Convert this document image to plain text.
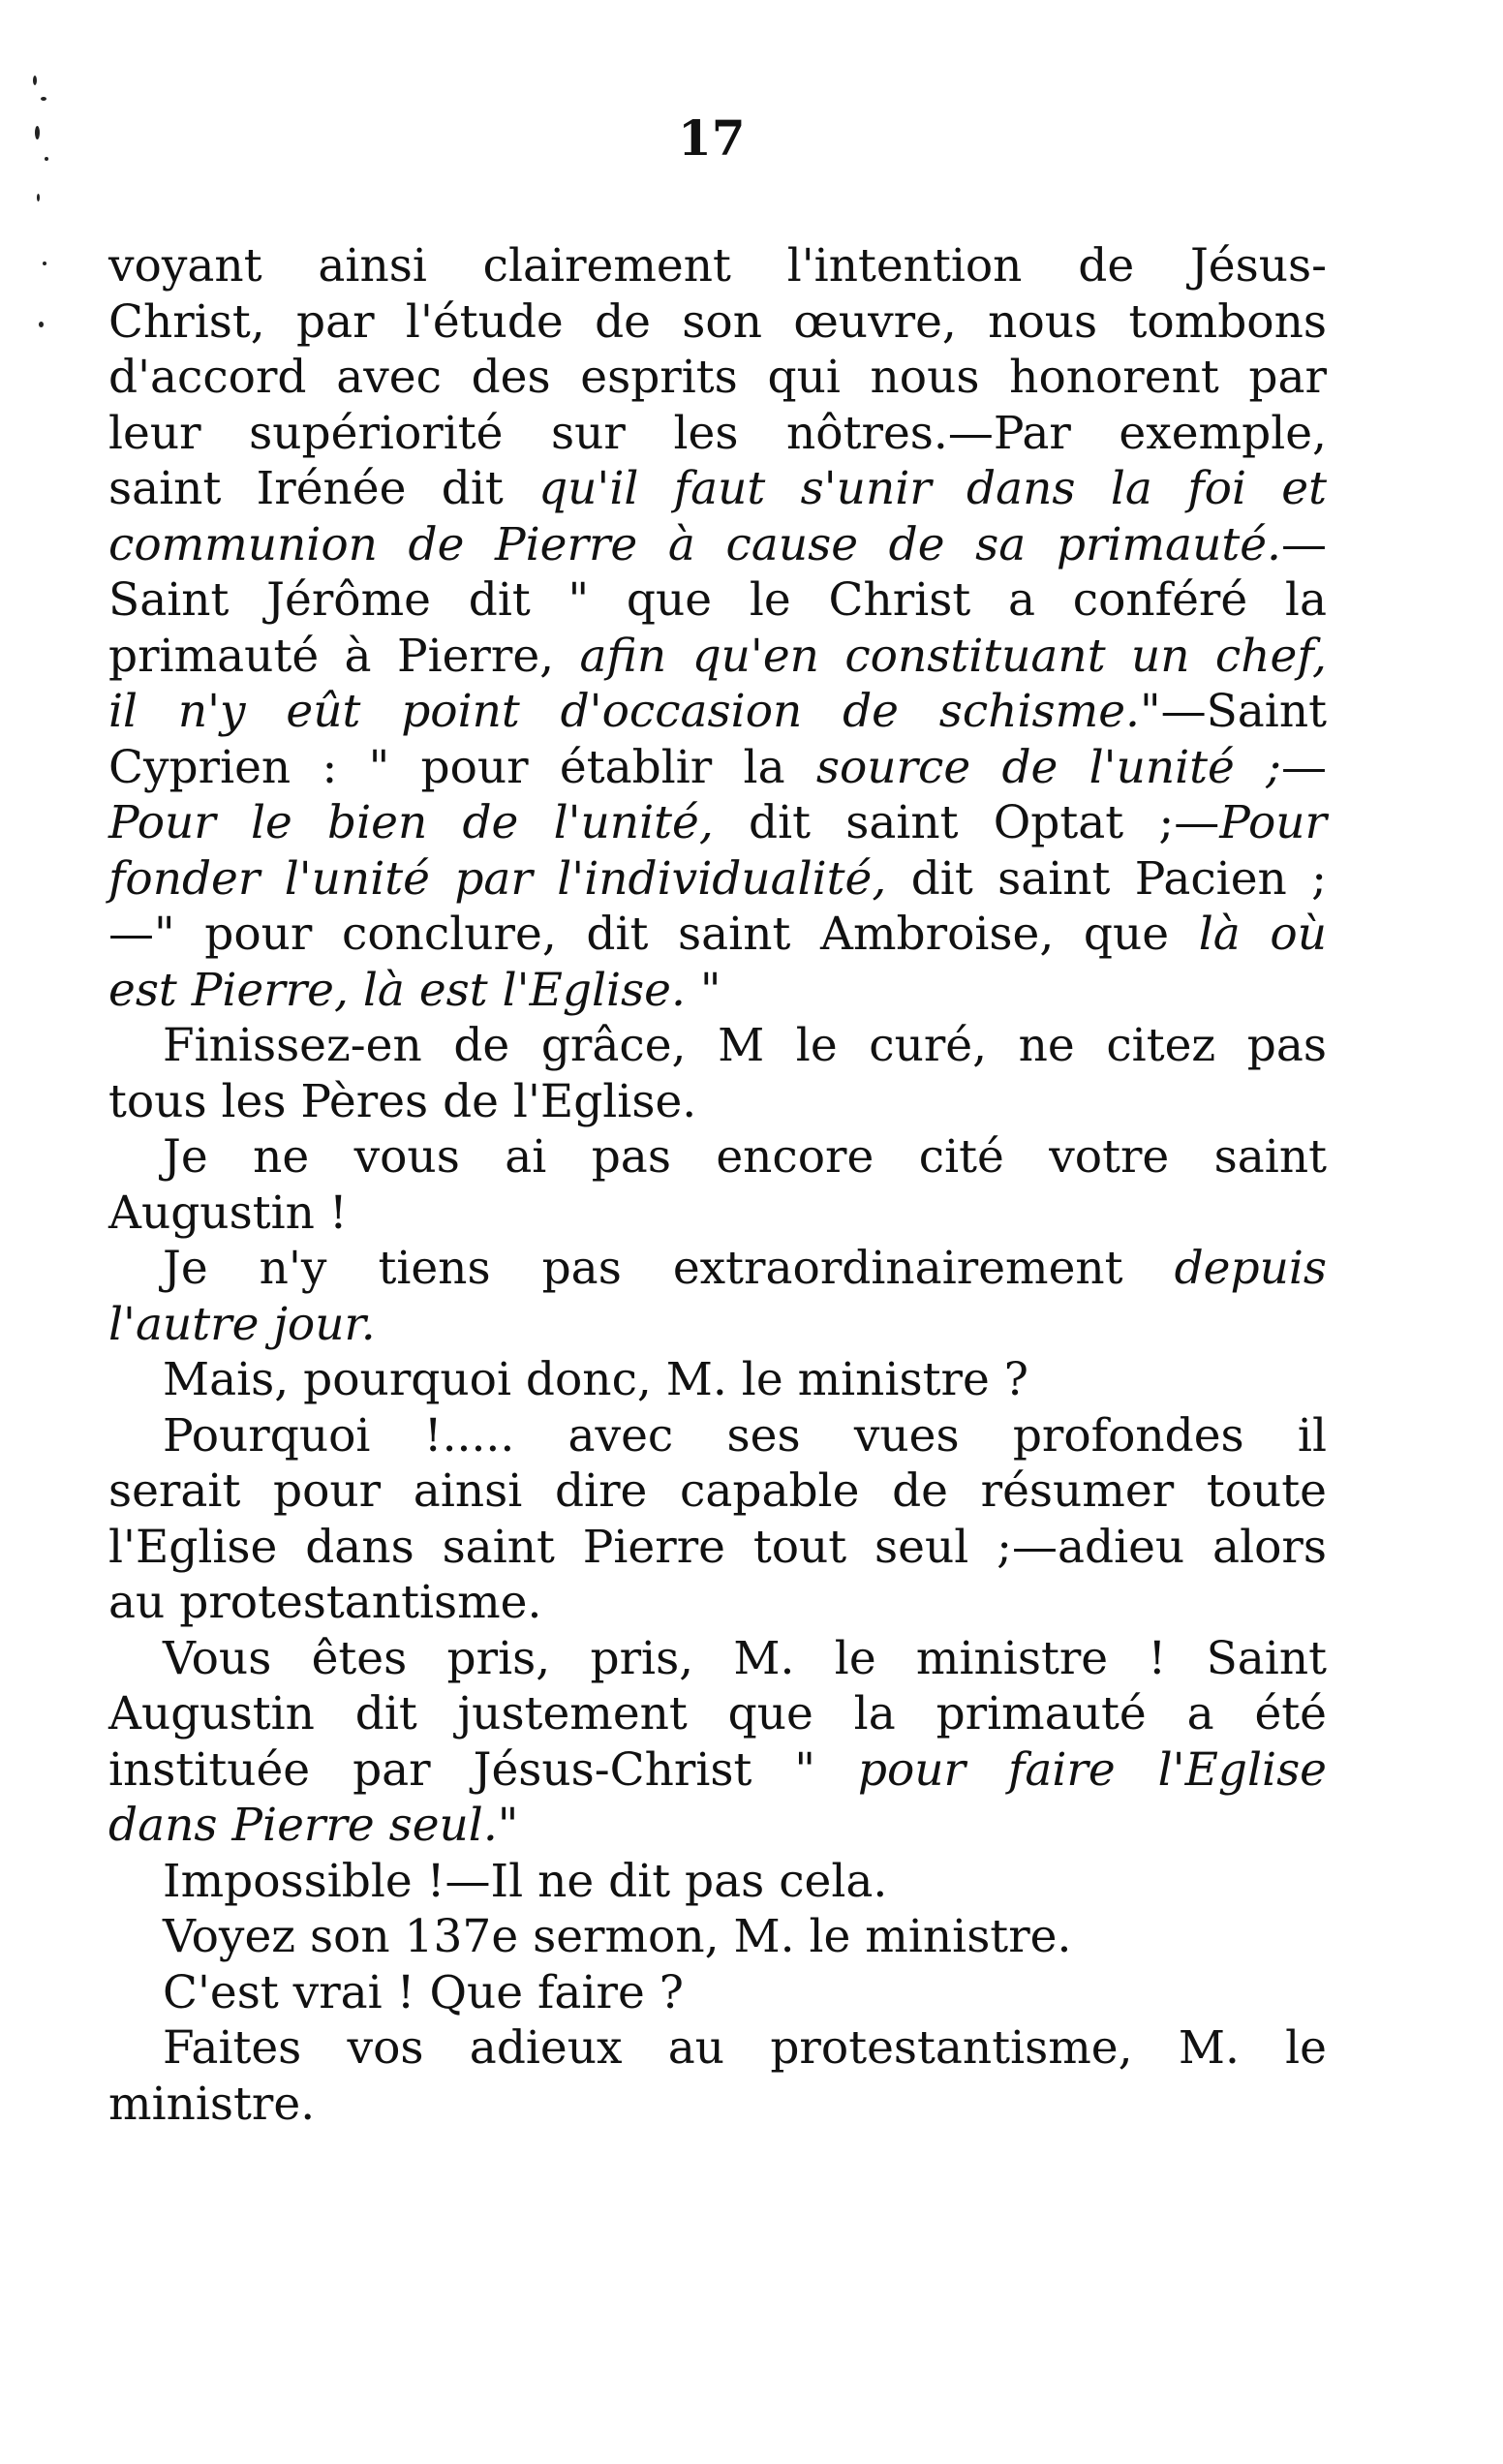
17
voyant ainsi clairement l'intention de Jésus-
Christ, par l'étude de son œuvre, nous tombons
d'accord avec des esprits qui nous honorent par
leur supériorité sur les nôtres.—Par exemple,
saint Irénée dit qu'il faut s'unir dans la foi et
communion de Pierre à cause de sa primauté.—
Saint Jérôme dit " que le Christ a conféré la
primauté à Pierre, afin qu'en constituant un chef,
il n'y eût point d'occasion de schisme."—Saint
Cyprien : " pour établir la source de l'unité ;—
Pour le bien de l'unité, dit saint Optat ;—Pour
fonder l'unité par l'individualité, dit saint Pacien ;
—" pour conclure, dit saint Ambroise, que là où
est Pierre, là est l'Eglise. "
Finissez-en de grâce, M le curé, ne citez pas
tous les Pères de l'Eglise.
Je ne vous ai pas encore cité votre saint
Augustin !
Je n'y tiens pas extraordinairement depuis
l'autre jour.
Mais, pourquoi donc, M. le ministre ?
Pourquoi !..... avec ses vues profondes il
serait pour ainsi dire capable de résumer toute
l'Eglise dans saint Pierre tout seul ;—adieu alors
au protestantisme.
Vous êtes pris, pris, M. le ministre ! Saint
Augustin dit justement que la primauté a été
instituée par Jésus-Christ " pour faire l'Eglise
dans Pierre seul."
Impossible !—Il ne dit pas cela.
Voyez son 137e sermon, M. le ministre.
C'est vrai ! Que faire ?
Faites vos adieux au protestantisme, M. le
ministre.
